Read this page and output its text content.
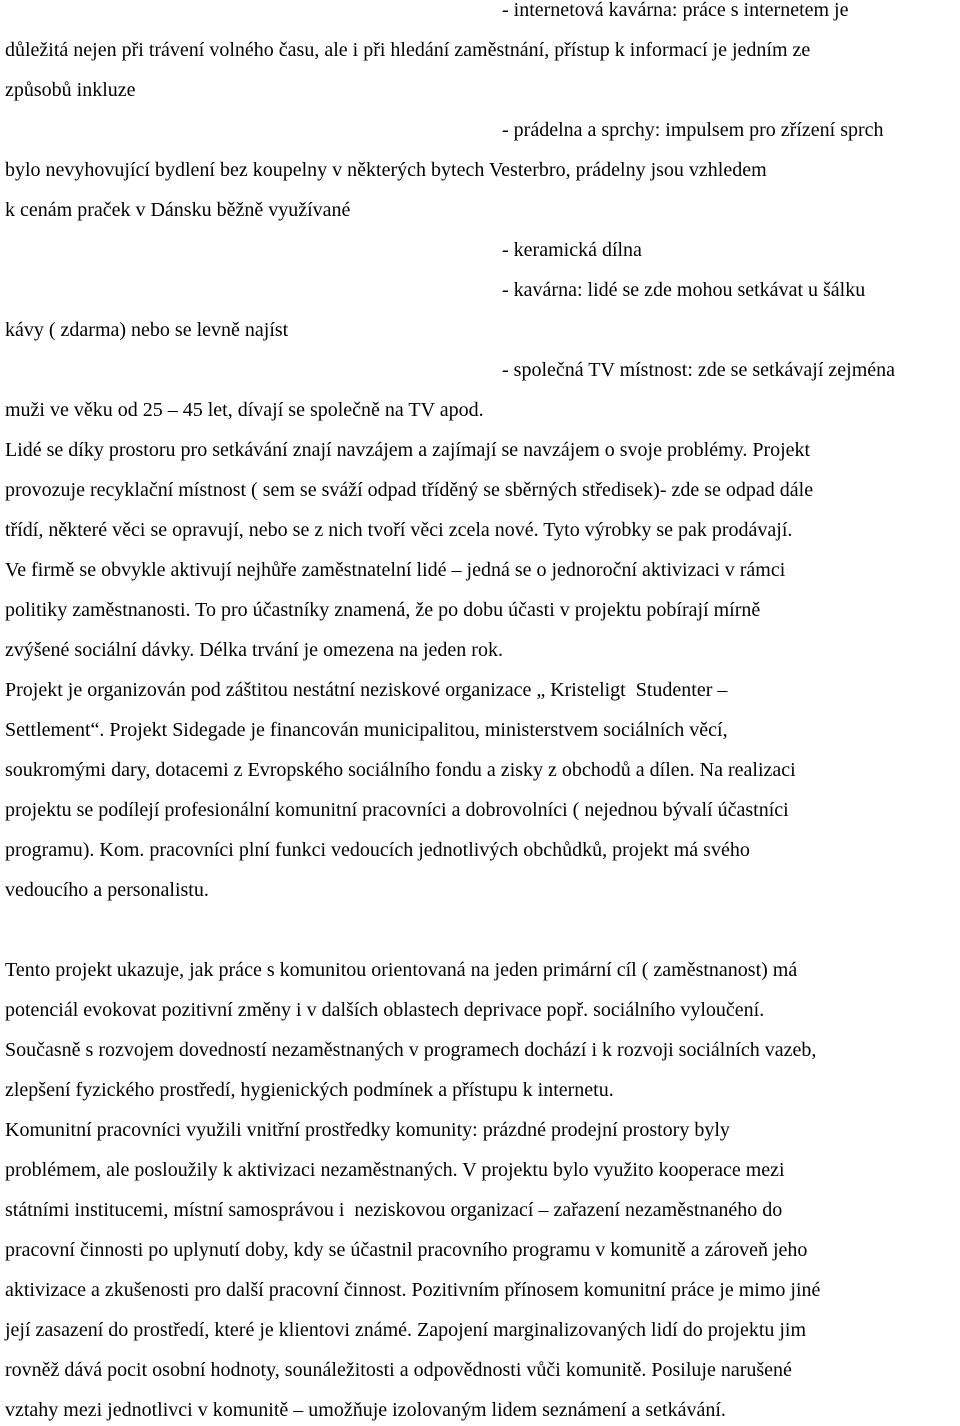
- internetová kavárna: práce s internetem je
důležitá nejen při trávení volného času, ale i při hledání zaměstnání, přístup k informací je jedním ze
způsobů inkluze
- prádelna a sprchy: impulsem pro zřízení sprch
bylo nevyhovující bydlení bez koupelny v některých bytech Vesterbro, prádelny jsou vzhledem
k cenám praček v Dánsku běžně využívané
- keramická dílna
- kavárna: lidé se zde mohou setkávat u šálku
kávy ( zdarma) nebo se levně najíst
- společná TV místnost: zde se setkávají zejména
muži ve věku od 25 – 45 let, dívají se společně na TV apod.
Lidé se díky prostoru pro setkávání znají navzájem a zajímají se navzájem o svoje problémy. Projekt
provozuje recyklační místnost ( sem se sváží odpad tříděný se sběrných středisek)- zde se odpad dále
třídí, některé věci se opravují, nebo se z nich tvoří věci zcela nové. Tyto výrobky se pak prodávají.
Ve firmě se obvykle aktivují nejhůře zaměstnatelní lidé – jedná se o jednoroční aktivizaci v rámci
politiky zaměstnanosti. To pro účastníky znamená, že po dobu účasti v projektu pobírají mírně
zvýšené sociální dávky. Délka trvání je omezena na jeden rok.
Projekt je organizován pod záštitou nestátní neziskové organizace „ Kristeligt  Studenter –
Settlement“. Projekt Sidegade je financován municipalitou, ministerstvem sociálních věcí,
soukromými dary, dotacemi z Evropského sociálního fondu a zisky z obchodů a dílen. Na realizaci
projektu se podílejí profesionální komunitní pracovníci a dobrovolníci ( nejednou bývalí účastníci
programu). Kom. pracovníci plní funkci vedoucích jednotlivých obchůdků, projekt má svého
vedoucího a personalistu.
Tento projekt ukazuje, jak práce s komunitou orientovaná na jeden primární cíl ( zaměstnanost) má
potenciál evokovat pozitivní změny i v dalších oblastech deprivace popř. sociálního vyloučení.
Současně s rozvojem dovedností nezaměstnaných v programech dochází i k rozvoji sociálních vazeb,
zlepšení fyzického prostředí, hygienických podmínek a přístupu k internetu.
Komunitní pracovníci využili vnitřní prostředky komunity: prázdné prodejní prostory byly
problémem, ale posloužily k aktivizaci nezaměstnaných. V projektu bylo využito kooperace mezi
státními institucemi, místní samosprávou i  neziskovou organizací – zařazení nezaměstnaného do
pracovní činnosti po uplynutí doby, kdy se účastnil pracovního programu v komunitě a zároveň jeho
aktivizace a zkušenosti pro další pracovní činnost. Pozitivním přínosem komunitní práce je mimo jiné
její zasazení do prostředí, které je klientovi známé. Zapojení marginalizovaných lidí do projektu jim
rovněž dává pocit osobní hodnoty, sounáležitosti a odpovědnosti vůči komunitě. Posiluje narušené
vztahy mezi jednotlivci v komunitě – umožňuje izolovaným lidem seznámení a setkávání.
